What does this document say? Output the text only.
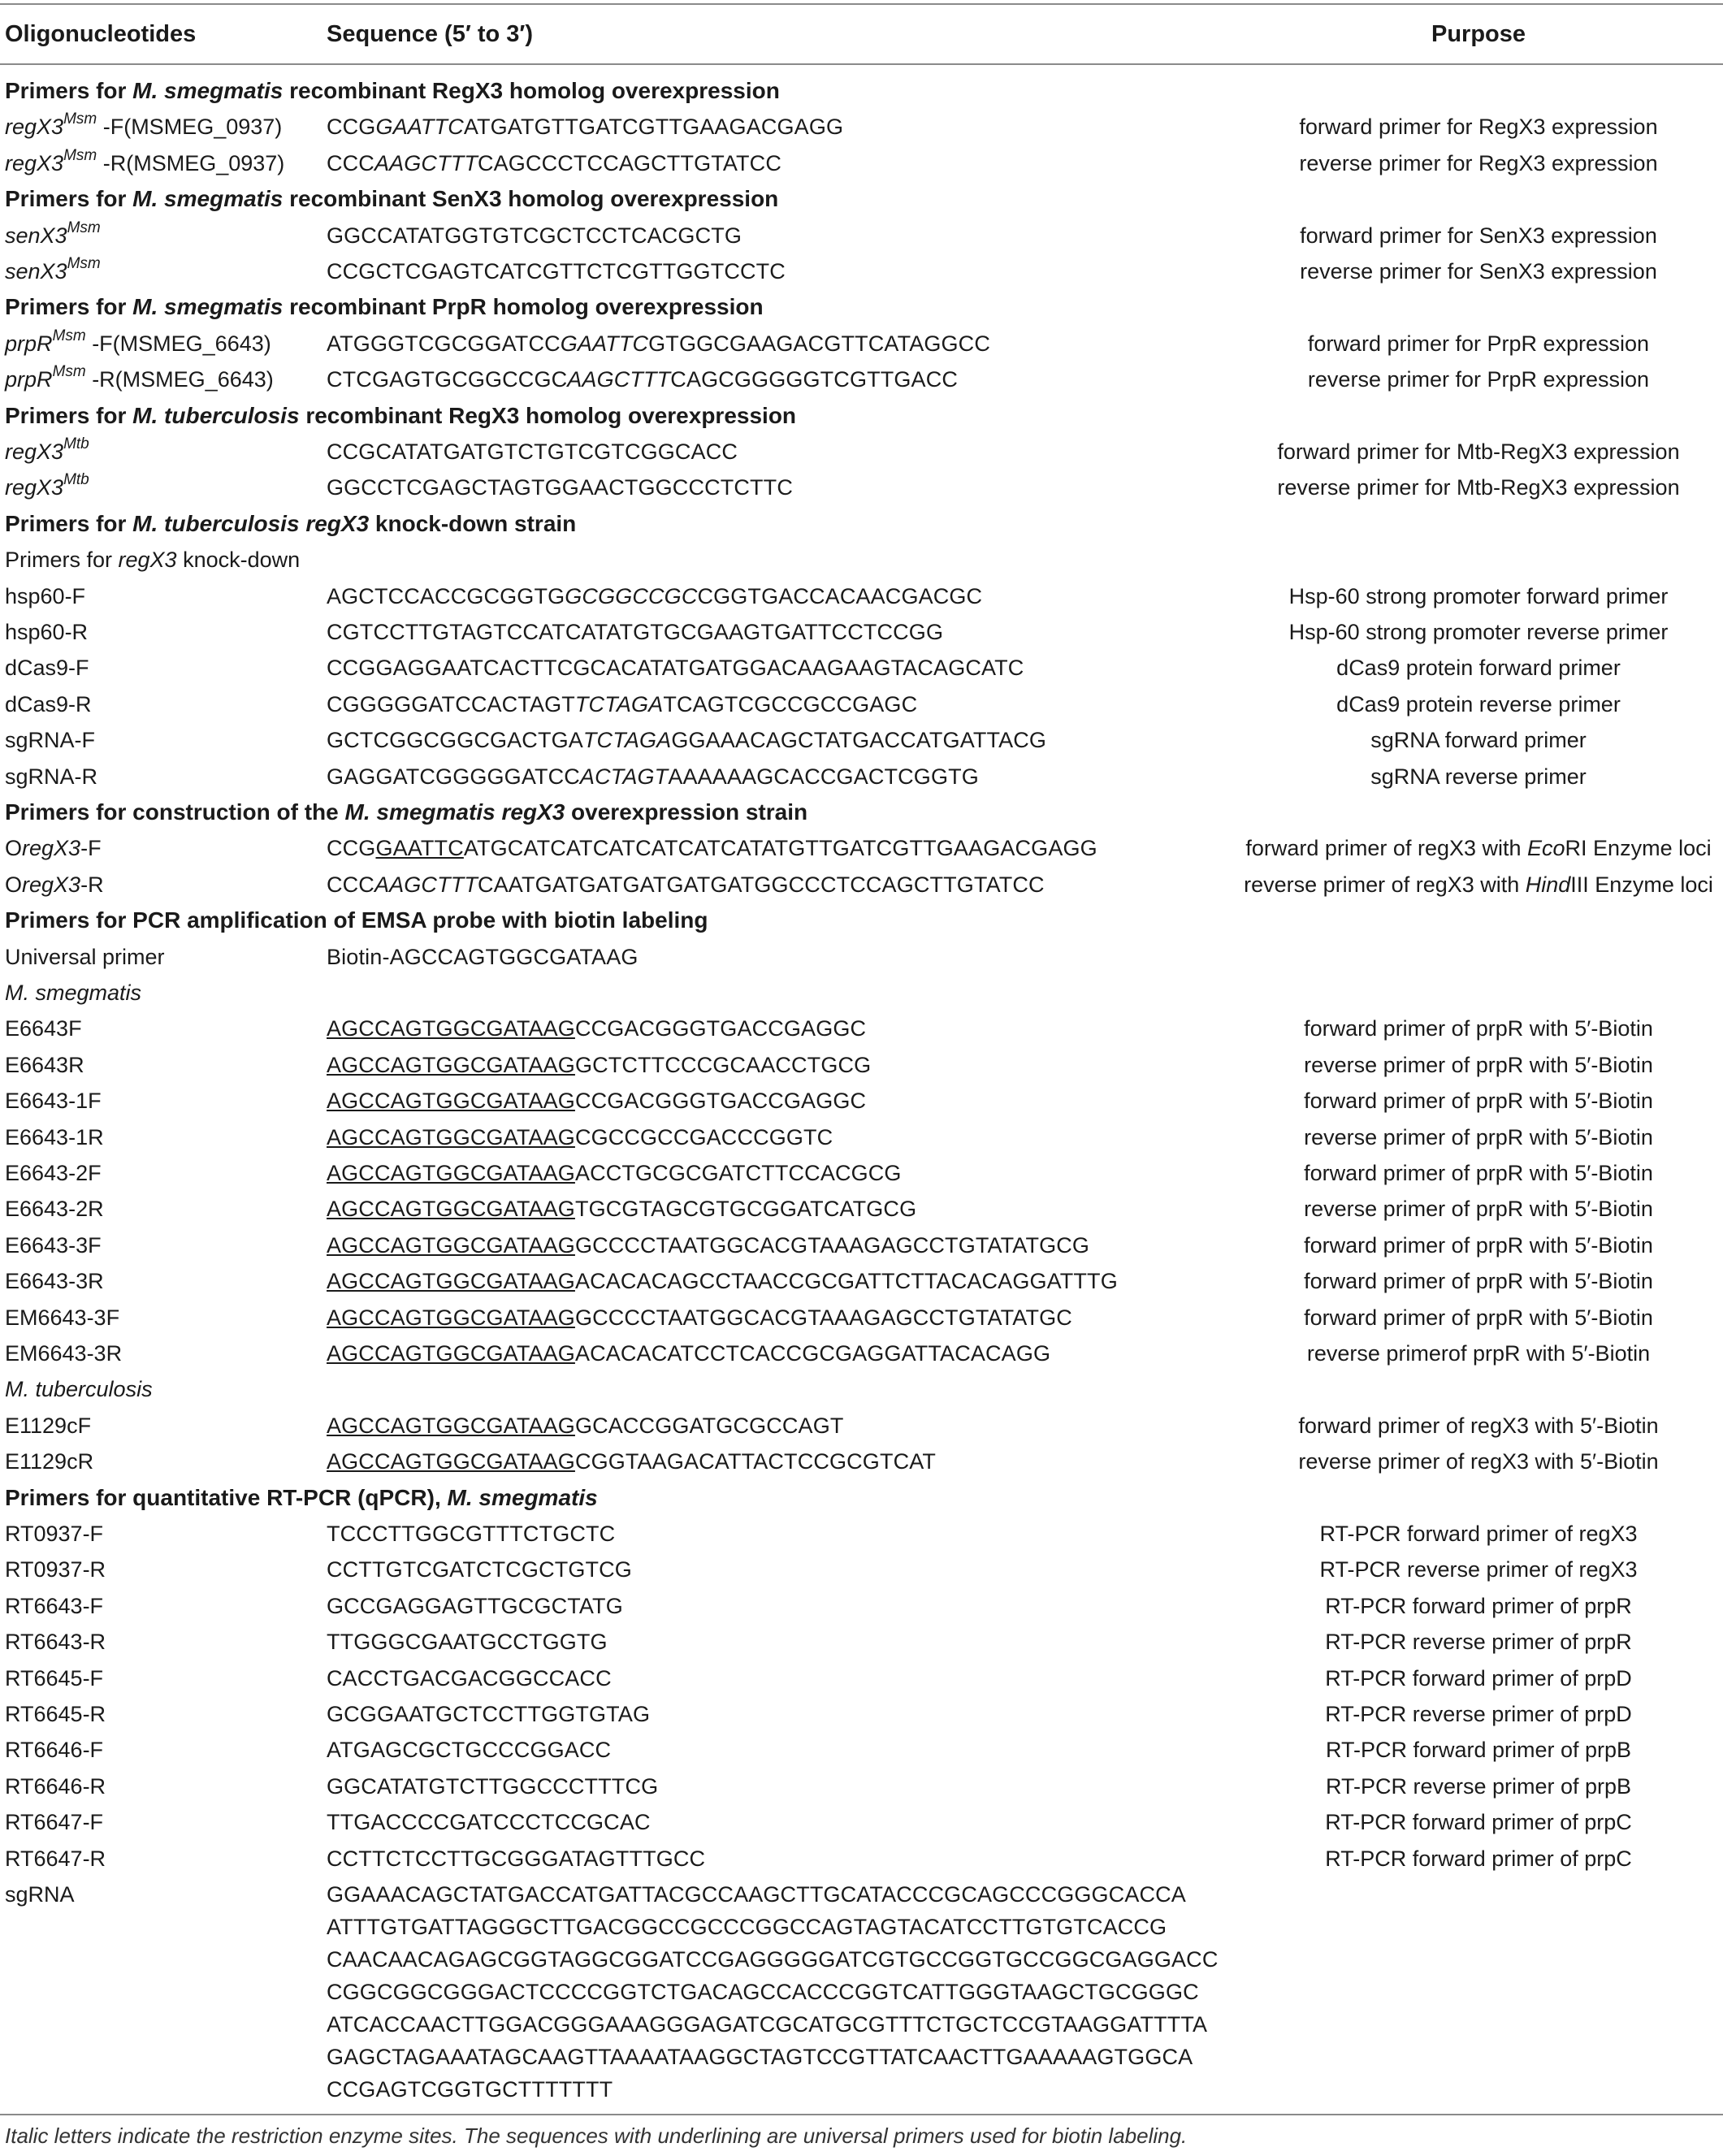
Oligonucleotides	Sequence (5′ to 3′)	Purpose
Primers for M. smegmatis recombinant RegX3 homolog overexpression
$regX3^{Msm}$ -F(MSMEG_0937) CCGGAATTCATGATGTTGATCGTTGAAGACGAGG	forward primer for RegX3 expression
$regX3^{Msm}$ -R(MSMEG_0937) CCCAAGCTTTCAGCCCTCCAGCTTGTATCC	reverse primer for RegX3 expression
Primers for M. smegmatis recombinant SenX3 homolog overexpression
$senX3^{Msm}$	GGCCATATGGTGTCGCTCCTCACGCTG	forward primer for SenX3 expression
$senX3^{Msm}$	CCGCTCGAGTCATCGTTCTCGTTGGTCCTC	reverse primer for SenX3 expression
Primers for M. smegmatis recombinant PrpR homolog overexpression
prpR$^{Msm}$ -F(MSMEG_6643)	ATGGGTCGCGGATCCGAATTCGTGGCGAAGACGTTCATAGGCC	forward primer for PrpR expression
prpR$^{Msm}$ -R(MSMEG_6643) CTCGAGTGCGGCCGCAAGCTTTCAGCGGGGGTCGTTGACC	reverse primer for PrpR expression
Primers for M. tuberculosis recombinant RegX3 homolog overexpression
$regX3^{Mtb}$	CCGCATATGATGTCTGTCGTCGGCACC	forward primer for Mtb-RegX3 expression
$regX3^{Mtb}$	GGCCTCGAGCTAGTGGAACTGGCCCTCTTC	reverse primer for Mtb-RegX3 expression
Primers for M. tuberculosis regX3 knock-down strain
Primers for regX3 knock-down
hsp60-F	AGCTCCACCGCGGTGGCGGCCGCCGGTGACCACAACGACGC	Hsp-60 strong promoter forward primer
hsp60-R	CGTCCTTGTAGTCCATCATATGTGCGAAGTGATTCCTCCGG	Hsp-60 strong promoter reverse primer
dCas9-F	CCGGAGGAATCACTTCGCACATATGATGGACAAGAAGTACAGCATC	dCas9 protein forward primer
dCas9-R	CGGGGGATCCACTAGTTCTAGATCAGTCGCCGCCGAGC	dCas9 protein reverse primer
sgRNA-F	GCTCGGCGGCGACTGATCTAGAGGAAACAGCTATGACCATGATTACG	sgRNA forward primer
sgRNA-R	GAGGATCGGGGGATCCACTAGTAAAAAAGCACCGACTCGGTG	sgRNA reverse primer
Primers for construction of the M. smegmatis regX3 overexpression strain
OregX3-F	CCGGAATTCATGCATCATCATCATCATCATATGTTGATCGTTGAAGACGAGG	forward primer of regX3 with EcoRI Enzyme loci
OregX3-R	CCCAAGCTTTCAATGATGATGATGATGATGGCCCTCCAGCTTGTATCC	reverse primer of regX3 with HindIII Enzyme loci
Primers for PCR amplification of EMSA probe with biotin labeling
Universal primer	Biotin-AGCCAGTGGCGATAAG
M. smegmatis
E6643F	AGCCAGTGGCGATAAGCCGACGGGTGACCGAGGC	forward primer of prpR with 5′-Biotin
E6643R	AGCCAGTGGCGATAAGGCTCTTCCCGCAACCTGCG	reverse primer of prpR with 5′-Biotin
E6643-1F	AGCCAGTGGCGATAAGCCGACGGGTGACCGAGGC	forward primer of prpR with 5′-Biotin
E6643-1R	AGCCAGTGGCGATAAGCGCCGCCGACCCGGTC	reverse primer of prpR with 5′-Biotin
E6643-2F	AGCCAGTGGCGATAAGACCTGCGCGATCTTCCACGCG	forward primer of prpR with 5′-Biotin
E6643-2R	AGCCAGTGGCGATAAGTGCGTAGCGTGCGGATCATGCG	reverse primer of prpR with 5′-Biotin
E6643-3F	AGCCAGTGGCGATAAGGCCCCTAATGGCACGTAAAGAGCCTGTATATGCG	forward primer of prpR with 5′-Biotin
E6643-3R	AGCCAGTGGCGATAAGACACACAGCCTAACCGCGATTCTTACACAGGATTTG	forward primer of prpR with 5′-Biotin
EM6643-3F	AGCCAGTGGCGATAAGGCCCCTAATGGCACGTAAAGAGCCTGTATATGC	forward primer of prpR with 5′-Biotin
EM6643-3R	AGCCAGTGGCGATAAGACACACATCCTCACCGCGAGGATTACACAGG	reverse primerof prpR with 5′-Biotin
M. tuberculosis
E1129cF	AGCCAGTGGCGATAAGGCACCGGATGCGCCAGT	forward primer of regX3 with 5′-Biotin
E1129cR	AGCCAGTGGCGATAAGCGGTAAGACATTACTCCGCGTCAT	reverse primer of regX3 with 5′-Biotin
Primers for quantitative RT-PCR (qPCR), M. smegmatis
RT0937-F	TCCCTTGGCGTTTCTGCTC	RT-PCR forward primer of regX3
RT0937-R	CCTTGTCGATCTCGCTGTCG	RT-PCR reverse primer of regX3
RT6643-F	GCCGAGGAGTTGCGCTATG	RT-PCR forward primer of prpR
RT6643-R	TTGGGCGAATGCCTGGTG	RT-PCR reverse primer of prpR
RT6645-F	CACCTGACGACGGCCACC	RT-PCR forward primer of prpD
RT6645-R	GCGGAATGCTCCTTGGTGTAG	RT-PCR reverse primer of prpD
RT6646-F	ATGAGCGCTGCCCGGACC	RT-PCR forward primer of prpB
RT6646-R	GGCATATGTCTTGGCCCTTTCG	RT-PCR reverse primer of prpB
RT6647-F	TTGACCCCGATCCCTCCGCAC	RT-PCR forward primer of prpC
RT6647-R	CCTTCTCCTTGCGGGATAGTTTGCC	RT-PCR forward primer of prpC
sgRNA	GGAAACAGCTATGACCATGATTACGCCAAGCTTGCATACCCGCAGCCCGGGCACCA
ATTTGTGATTAGGGCTTGACGGCCGCCCGGCCAGTAGTACATCCTTGTGTCACCG
CAACAACAGAGCGGTAGGCGGATCCGAGGGGGATCGTGCCGGTGCCGGCGAGGACC
CGGCGGCGGGACTCCCCGGTCTGACAGCCACCCGGTCATTGGGTAAGCTGCGGGC
ATCACCAACTTGGACGGGAAAGGGAGATCGCATGCGTTTCTGCTCCGTAAGGATTTTA
GAGCTAGAAATAGCAAGTTAAAATAAGGCTAGTCCGTTATCAACTTGAAAAAGTGGCA
CCGAGTCGGTGCTTTTTTT
Italic letters indicate the restriction enzyme sites. The sequences with underlining are universal primers used for biotin labeling.
